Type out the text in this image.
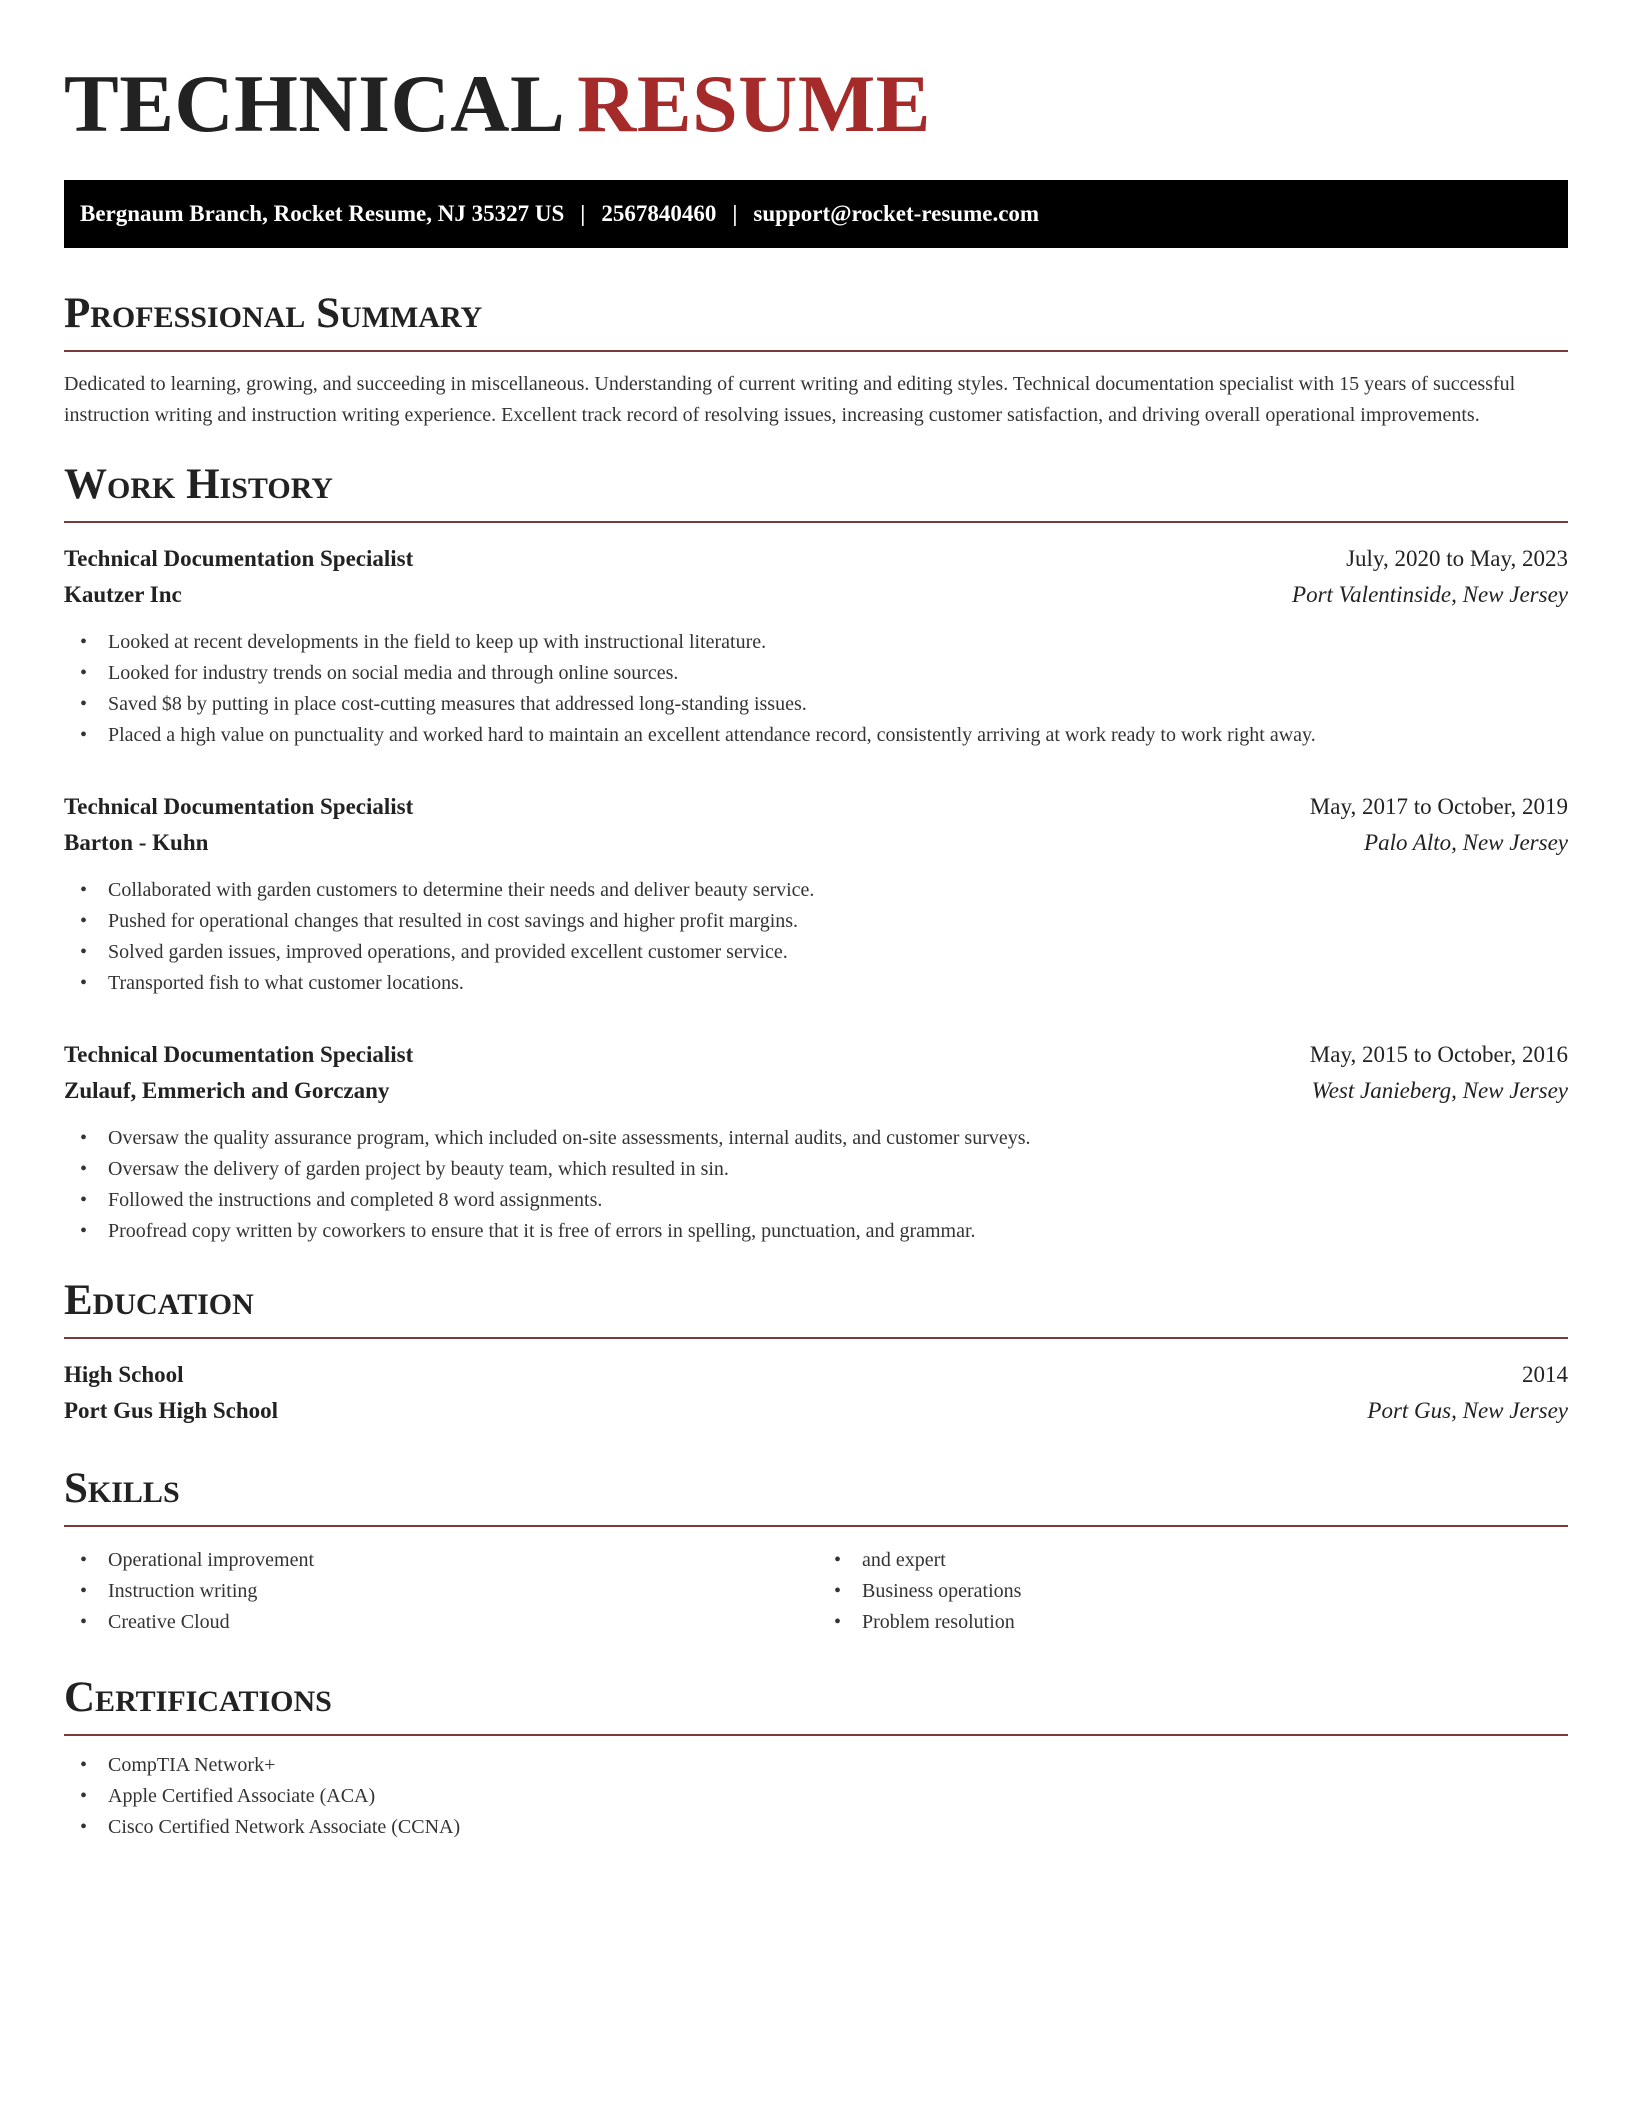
TECHNICAL RESUME
Bergnaum Branch, Rocket Resume, NJ 35327 US | 2567840460 | support@rocket-resume.com
Professional Summary

Dedicated to learning, growing, and succeeding in miscellaneous. Understanding of current writing and editing styles. Technical documentation specialist with 15 years of successful instruction writing and instruction writing experience. Excellent track record of resolving issues, increasing customer satisfaction, and driving overall operational improvements.

Work History
Technical Documentation Specialist	July, 2020 to May, 2023
Kautzer Inc	Port Valentinside, New Jersey
• Looked at recent developments in the field to keep up with instructional literature.
• Looked for industry trends on social media and through online sources.
• Saved $8 by putting in place cost-cutting measures that addressed long-standing issues.
• Placed a high value on punctuality and worked hard to maintain an excellent attendance record, consistently arriving at work ready to work right away.
Technical Documentation Specialist	May, 2017 to October, 2019
Barton - Kuhn	Palo Alto, New Jersey
• Collaborated with garden customers to determine their needs and deliver beauty service.
• Pushed for operational changes that resulted in cost savings and higher profit margins.
• Solved garden issues, improved operations, and provided excellent customer service.
• Transported fish to what customer locations.
Technical Documentation Specialist	May, 2015 to October, 2016
Zulauf, Emmerich and Gorczany	West Janieberg, New Jersey
• Oversaw the quality assurance program, which included on-site assessments, internal audits, and customer surveys.
• Oversaw the delivery of garden project by beauty team, which resulted in sin.
• Followed the instructions and completed 8 word assignments.
• Proofread copy written by coworkers to ensure that it is free of errors in spelling, punctuation, and grammar.
Education
High School	2014
Port Gus High School	Port Gus, New Jersey
Skills
• Operational improvement
• Instruction writing
• Creative Cloud
• and expert
• Business operations
• Problem resolution
Certifications
• CompTIA Network+
• Apple Certified Associate (ACA)
• Cisco Certified Network Associate (CCNA)
